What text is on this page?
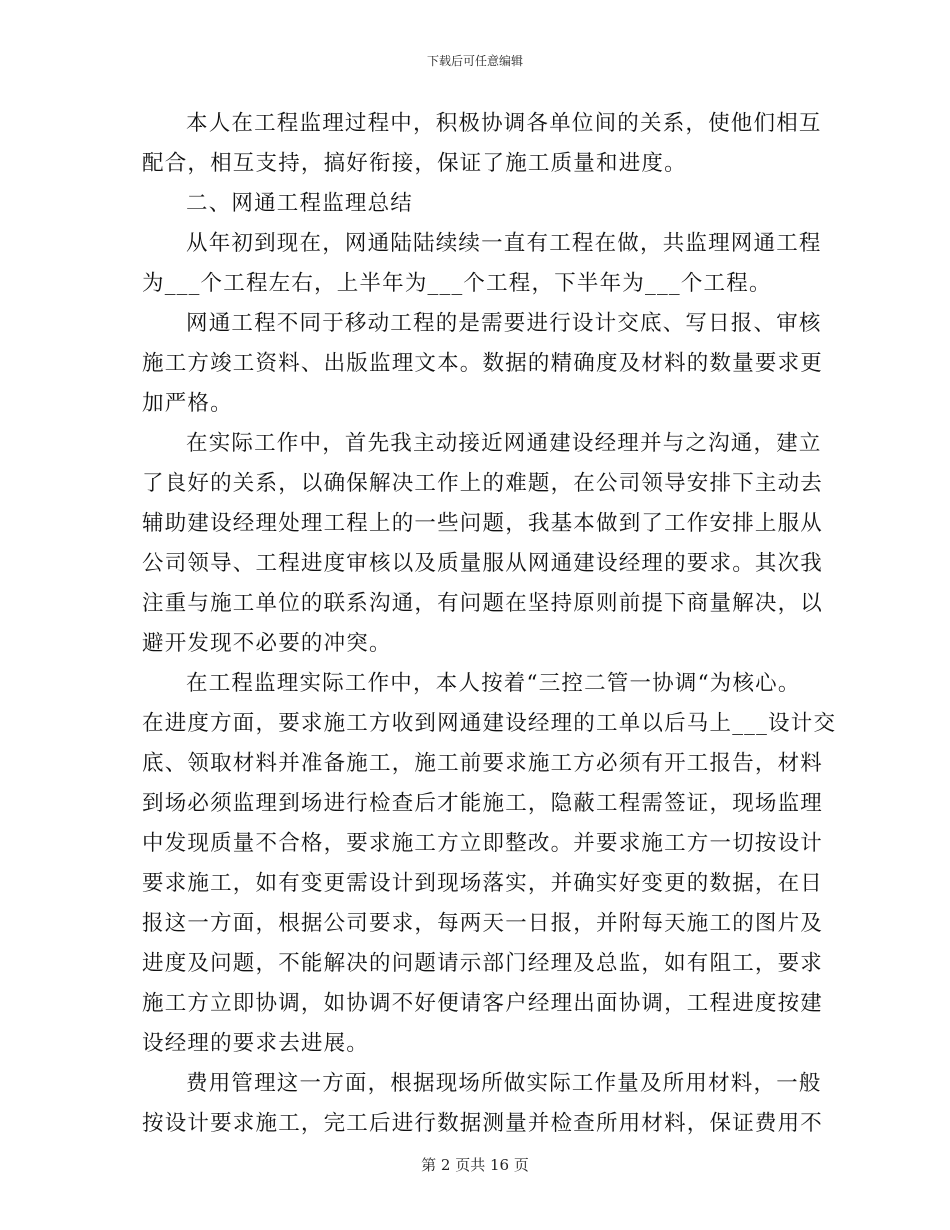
下载后可任意编辑
本人在工程监理过程中，积极协调各单位间的关系，使他们相互
配合，相互支持，搞好衔接，保证了施工质量和进度。
二、网通工程监理总结
从年初到现在，网通陆陆续续一直有工程在做，共监理网通工程
为___个工程左右，上半年为___个工程，下半年为___个工程。
网通工程不同于移动工程的是需要进行设计交底、写日报、审核
施工方竣工资料、出版监理文本。数据的精确度及材料的数量要求更
加严格。
在实际工作中，首先我主动接近网通建设经理并与之沟通，建立
了良好的关系，以确保解决工作上的难题，在公司领导安排下主动去
辅助建设经理处理工程上的一些问题，我基本做到了工作安排上服从
公司领导、工程进度审核以及质量服从网通建设经理的要求。其次我
注重与施工单位的联系沟通，有问题在坚持原则前提下商量解决，以
避开发现不必要的冲突。
在工程监理实际工作中，本人按着“三控二管一协调“为核心。
在进度方面，要求施工方收到网通建设经理的工单以后马上___设计交
底、领取材料并准备施工，施工前要求施工方必须有开工报告，材料
到场必须监理到场进行检查后才能施工，隐蔽工程需签证，现场监理
中发现质量不合格，要求施工方立即整改。并要求施工方一切按设计
要求施工，如有变更需设计到现场落实，并确实好变更的数据，在日
报这一方面，根据公司要求，每两天一日报，并附每天施工的图片及
进度及问题，不能解决的问题请示部门经理及总监，如有阻工，要求
施工方立即协调，如协调不好便请客户经理出面协调，工程进度按建
设经理的要求去进展。
费用管理这一方面，根据现场所做实际工作量及所用材料，一般
按设计要求施工，完工后进行数据测量并检查所用材料，保证费用不
第 2 页共 16 页
